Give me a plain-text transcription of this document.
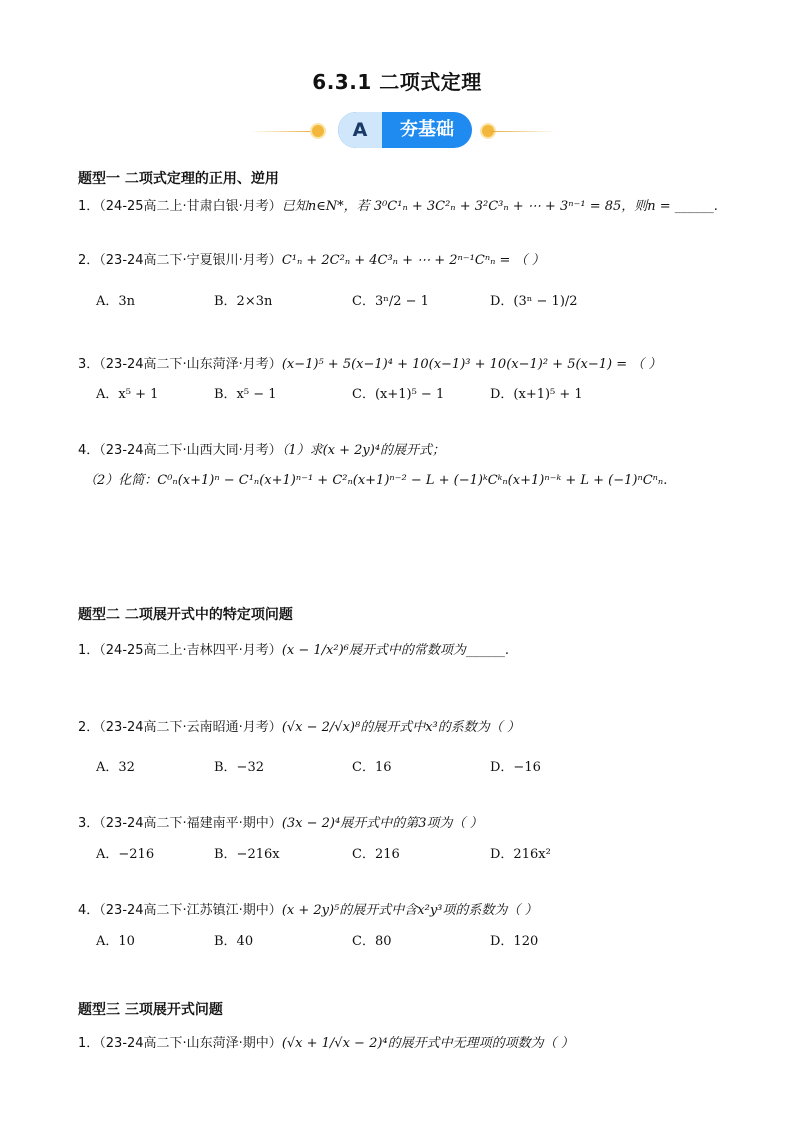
6.3.1 二项式定理
A	夯基础
题型一 二项式定理的正用、逆用
1．（24-25高二上·甘肃白银·月考）已知n∈N*，若 3⁰C¹ₙ + 3C²ₙ + 3²C³ₙ + ⋯ + 3ⁿ⁻¹ = 85，则n = ______.
2．（23-24高二下·宁夏银川·月考）C¹ₙ + 2C²ₙ + 4C³ₙ + ⋯ + 2ⁿ⁻¹Cⁿₙ = （ ）
A．3n	B．2×3n	C．3ⁿ/2 − 1	D．(3ⁿ − 1)/2
3．（23-24高二下·山东菏泽·月考）(x−1)⁵ + 5(x−1)⁴ + 10(x−1)³ + 10(x−1)² + 5(x−1) = （ ）
A．x⁵ + 1	B．x⁵ − 1	C．(x+1)⁵ − 1	D．(x+1)⁵ + 1
4．（23-24高二下·山西大同·月考）（1）求(x + 2y)⁴的展开式；
（2）化简：C⁰ₙ(x+1)ⁿ − C¹ₙ(x+1)ⁿ⁻¹ + C²ₙ(x+1)ⁿ⁻² − L + (−1)ᵏCᵏₙ(x+1)ⁿ⁻ᵏ + L + (−1)ⁿCⁿₙ.
题型二 二项展开式中的特定项问题
1．（24-25高二上·吉林四平·月考）(x − 1/x²)⁶展开式中的常数项为______.
2．（23-24高二下·云南昭通·月考）(√x − 2/√x)⁸的展开式中x³的系数为（ ）
A．32	B．−32	C．16	D．−16
3．（23-24高二下·福建南平·期中）(3x − 2)⁴展开式中的第3项为（ ）
A．−216	B．−216x	C．216	D．216x²
4．（23-24高二下·江苏镇江·期中）(x + 2y)⁵的展开式中含x²y³项的系数为（ ）
A．10	B．40	C．80	D．120
题型三 三项展开式问题
1．（23-24高二下·山东菏泽·期中）(√x + 1/√x − 2)⁴的展开式中无理项的项数为（ ）
